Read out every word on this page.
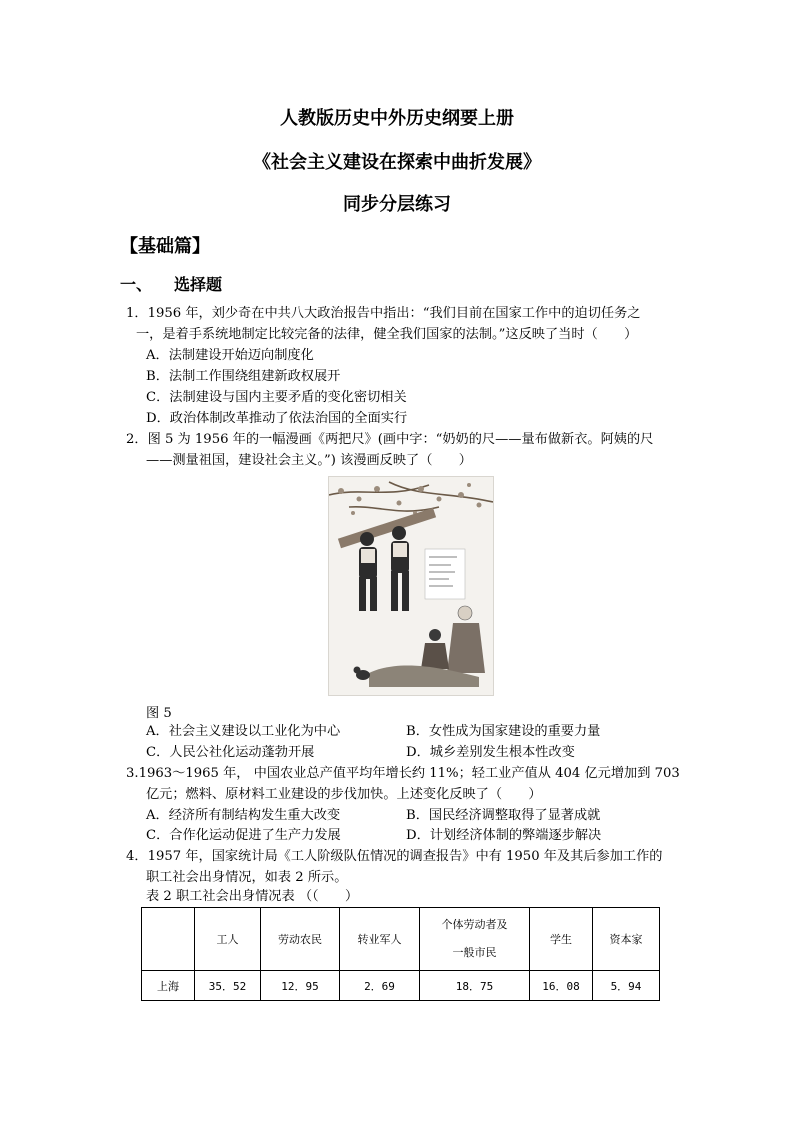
人教版历史中外历史纲要上册
《社会主义建设在探索中曲折发展》
同步分层练习
【基础篇】
一、 选择题
1．1956 年，刘少奇在中共八大政治报告中指出：“我们目前在国家工作中的迫切任务之
一，是着手系统地制定比较完备的法律，健全我们国家的法制。”这反映了当时（　　）
A．法制建设开始迈向制度化
B．法制工作围绕组建新政权展开
C．法制建设与国内主要矛盾的变化密切相关
D．政治体制改革推动了依法治国的全面实行
2．图 5 为 1956 年的一幅漫画《两把尺》(画中字：“奶奶的尺——量布做新衣。阿姨的尺
——测量祖国，建设社会主义。”) 该漫画反映了（　　）
图 5
A．社会主义建设以工业化为中心	B．女性成为国家建设的重要力量
C．人民公社化运动蓬勃开展	D．城乡差别发生根本性改变
3.1963～1965 年， 中国农业总产值平均年增长约 11%；轻工业产值从 404 亿元增加到 703
亿元；燃料、原材料工业建设的步伐加快。上述变化反映了（　　）
A．经济所有制结构发生重大改变	B．国民经济调整取得了显著成就
C．合作化运动促进了生产力发展	D．计划经济体制的弊端逐步解决
4．1957 年，国家统计局《工人阶级队伍情况的调查报告》中有 1950 年及其后参加工作的
职工社会出身情况，如表 2 所示。
表 2 职工社会出身情况表 （（　　）
	工人	劳动农民	转业军人	个体劳动者及
一般市民	学生	资本家
上海	35．52	12．95	2．69	18．75	16．08	5．94
